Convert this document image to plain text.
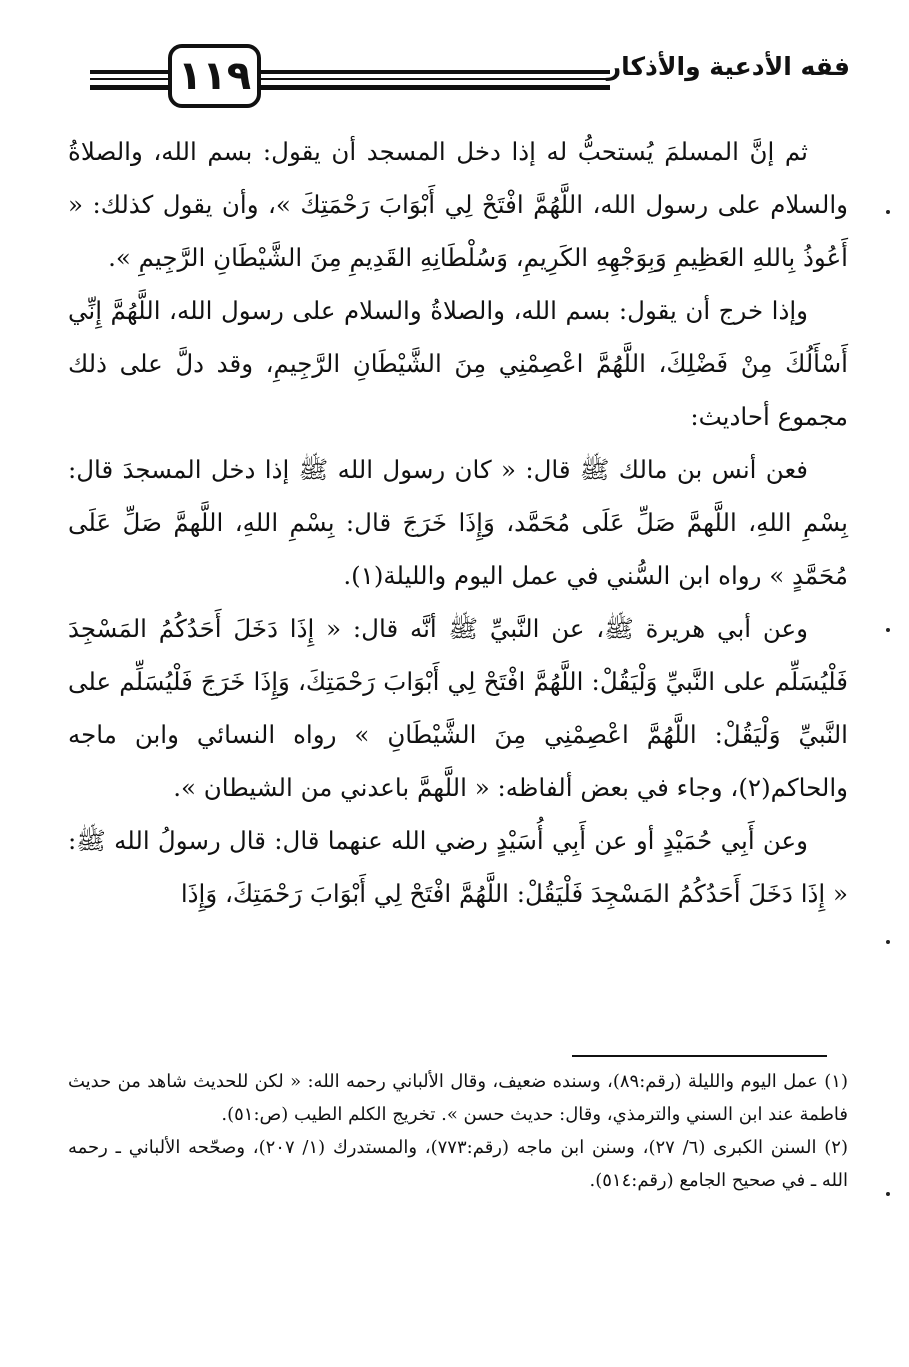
١١٩	فقه الأدعية والأذكار

ثم إنَّ المسلمَ يُستحبُّ له إذا دخل المسجد أن يقول: بسم الله، والصلاةُ والسلام على رسول الله، اللَّهُمَّ افْتَحْ لِي أَبْوَابَ رَحْمَتِكَ »، وأن يقول كذلك: « أَعُوذُ بِاللهِ العَظِيمِ وَبِوَجْهِهِ الكَرِيمِ، وَسُلْطَانِهِ القَدِيمِ مِنَ الشَّيْطَانِ الرَّجِيمِ ».

وإذا خرج أن يقول: بسم الله، والصلاةُ والسلام على رسول الله، اللَّهُمَّ إِنِّي أَسْأَلُكَ مِنْ فَضْلِكَ، اللَّهُمَّ اعْصِمْنِي مِنَ الشَّيْطَانِ الرَّجِيمِ، وقد دلَّ على ذلك مجموع أحاديث:

فعن أنس بن مالك ﷺ قال: « كان رسول الله ﷺ إذا دخل المسجدَ قال: بِسْمِ اللهِ، اللَّهمَّ صَلِّ عَلَى مُحَمَّد، وَإِذَا خَرَجَ قال: بِسْمِ اللهِ، اللَّهمَّ صَلِّ عَلَى مُحَمَّدٍ » رواه ابن السُّني في عمل اليوم والليلة(١).

وعن أبي هريرة ﷺ، عن النَّبيِّ ﷺ أنَّه قال: « إِذَا دَخَلَ أَحَدُكُمُ المَسْجِدَ فَلْيُسَلِّم على النَّبيِّ وَلْيَقُلْ: اللَّهُمَّ افْتَحْ لِي أَبْوَابَ رَحْمَتِكَ، وَإِذَا خَرَجَ فَلْيُسَلِّم على النَّبيِّ وَلْيَقُلْ: اللَّهُمَّ اعْصِمْنِي مِنَ الشَّيْطَانِ » رواه النسائي وابن ماجه والحاكم(٢)، وجاء في بعض ألفاظه: « اللَّهمَّ باعدني من الشيطان ».

وعن أَبِي حُمَيْدٍ أو عن أَبِي أُسَيْدٍ رضي الله عنهما قال: قال رسولُ الله ﷺ: « إِذَا دَخَلَ أَحَدُكُمُ المَسْجِدَ فَلْيَقُلْ: اللَّهُمَّ افْتَحْ لِي أَبْوَابَ رَحْمَتِكَ، وَإِذَا

(١) عمل اليوم والليلة (رقم:٨٩)، وسنده ضعيف، وقال الألباني رحمه الله: « لكن للحديث شاهد من حديث فاطمة عند ابن السني والترمذي، وقال: حديث حسن ». تخريج الكلم الطيب (ص:٥١).

(٢) السنن الكبرى (٦/ ٢٧)، وسنن ابن ماجه (رقم:٧٧٣)، والمستدرك (١/ ٢٠٧)، وصحّحه الألباني ـ رحمه الله ـ في صحيح الجامع (رقم:٥١٤).
